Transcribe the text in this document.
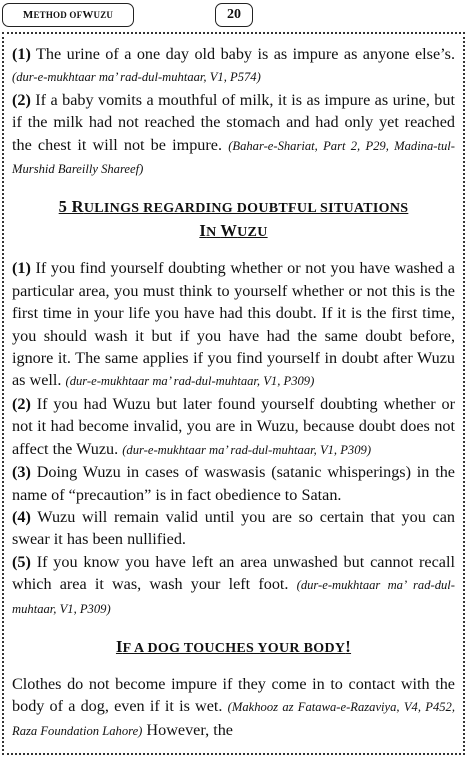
M ETHOD OF W UZU	20

(1) The urine of a one day old baby is as impure as anyone else’s. (dur-e-mukhtaar ma’ rad-dul-muhtaar, V1, P574)

(2) If a baby vomits a mouthful of milk, it is as impure as urine, but if the milk had not reached the stomach and had only yet reached the chest it will not be impure. (Bahar-e-Shariat, Part 2, P29, Madina-tul-Murshid Bareilly Shareef)

5 RULINGS REGARDING DOUBTFUL SITUATIONS
IN WUZU

(1) If you find yourself doubting whether or not you have washed a particular area, you must think to yourself whether or not this is the first time in your life you have had this doubt. If it is the first time, you should wash it but if you have had the same doubt before, ignore it. The same applies if you find yourself in doubt after Wuzu as well. (dur-e-mukhtaar ma’ rad-dul-muhtaar, V1, P309)

(2) If you had Wuzu but later found yourself doubting whether or not it had become invalid, you are in Wuzu, because doubt does not affect the Wuzu. (dur-e-mukhtaar ma’ rad-dul-muhtaar, V1, P309)

(3) Doing Wuzu in cases of waswasis (satanic whisperings) in the name of “precaution” is in fact obedience to Satan.

(4) Wuzu will remain valid until you are so certain that you can swear it has been nullified.

(5) If you know you have left an area unwashed but cannot recall which area it was, wash your left foot. (dur-e-mukhtaar ma’ rad-dul-muhtaar, V1, P309)

IF A DOG TOUCHES YOUR BODY!

Clothes do not become impure if they come in to contact with the body of a dog, even if it is wet. (Makhooz az Fatawa-e-Razaviya, V4, P452, Raza Foundation Lahore) However, the
